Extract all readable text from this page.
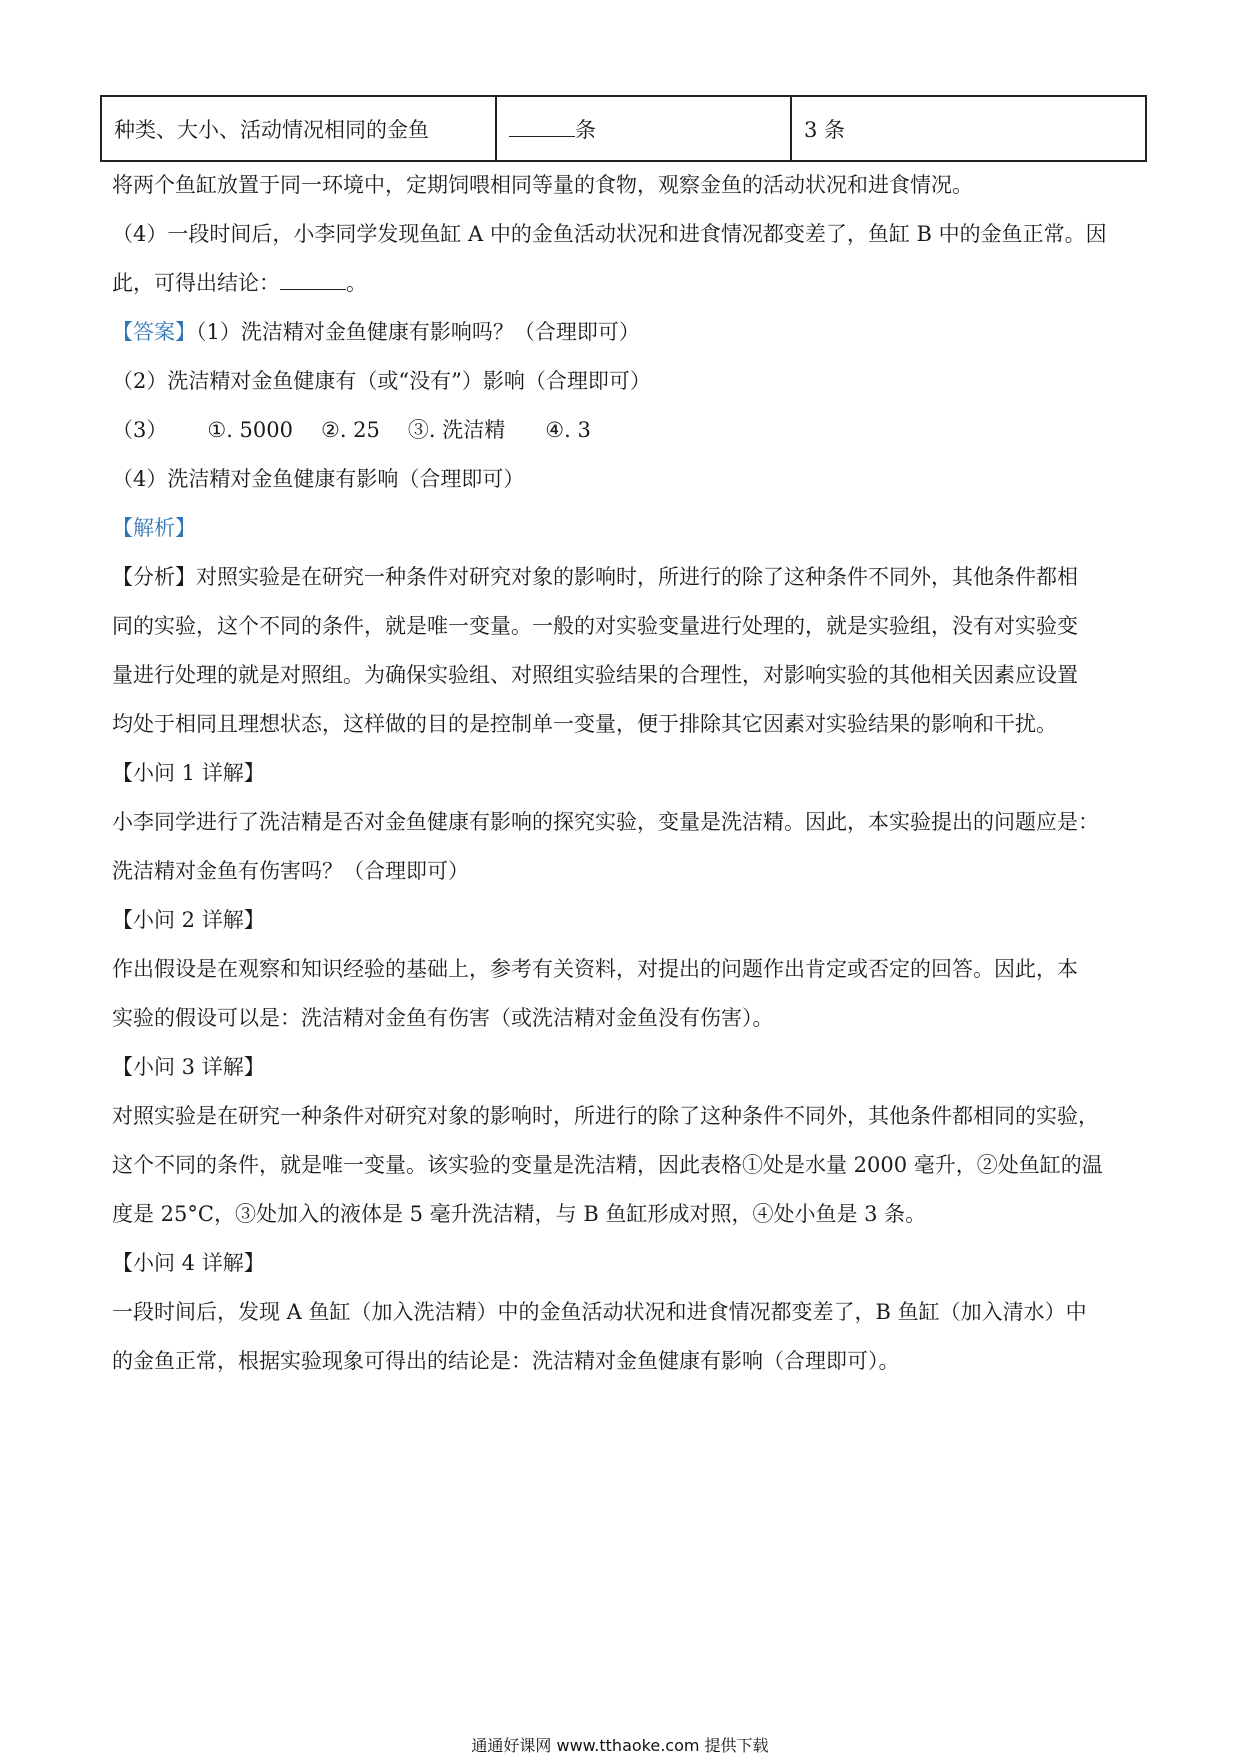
种类、大小、活动情况相同的金鱼	条	3 条
将两个鱼缸放置于同一环境中，定期饲喂相同等量的食物，观察金鱼的活动状况和进食情况。
（4）一段时间后，小李同学发现鱼缸 A 中的金鱼活动状况和进食情况都变差了，鱼缸 B 中的金鱼正常。因
此，可得出结论：	。
【答案】（1）洗洁精对金鱼健康有影响吗？（合理即可）
（2）洗洁精对金鱼健康有（或“没有”）影响（合理即可）
（3） ①. 5000 ②. 25 ③. 洗洁精 ④. 3
（4）洗洁精对金鱼健康有影响（合理即可）
【解析】
【分析】对照实验是在研究一种条件对研究对象的影响时，所进行的除了这种条件不同外，其他条件都相
同的实验，这个不同的条件，就是唯一变量。一般的对实验变量进行处理的，就是实验组，没有对实验变
量进行处理的就是对照组。为确保实验组、对照组实验结果的合理性，对影响实验的其他相关因素应设置
均处于相同且理想状态，这样做的目的是控制单一变量，便于排除其它因素对实验结果的影响和干扰。
【小问 1 详解】
小李同学进行了洗洁精是否对金鱼健康有影响的探究实验，变量是洗洁精。因此，本实验提出的问题应是：
洗洁精对金鱼有伤害吗？（合理即可）
【小问 2 详解】
作出假设是在观察和知识经验的基础上，参考有关资料，对提出的问题作出肯定或否定的回答。因此，本
实验的假设可以是：洗洁精对金鱼有伤害（或洗洁精对金鱼没有伤害）。
【小问 3 详解】
对照实验是在研究一种条件对研究对象的影响时，所进行的除了这种条件不同外，其他条件都相同的实验，
这个不同的条件，就是唯一变量。该实验的变量是洗洁精，因此表格①处是水量 2000 毫升，②处鱼缸的温
度是 25°C，③处加入的液体是 5 毫升洗洁精，与 B 鱼缸形成对照，④处小鱼是 3 条。
【小问 4 详解】
一段时间后，发现 A 鱼缸（加入洗洁精）中的金鱼活动状况和进食情况都变差了，B 鱼缸（加入清水）中
的金鱼正常，根据实验现象可得出的结论是：洗洁精对金鱼健康有影响（合理即可）。
通通好课网 www.tthaoke.com 提供下载
